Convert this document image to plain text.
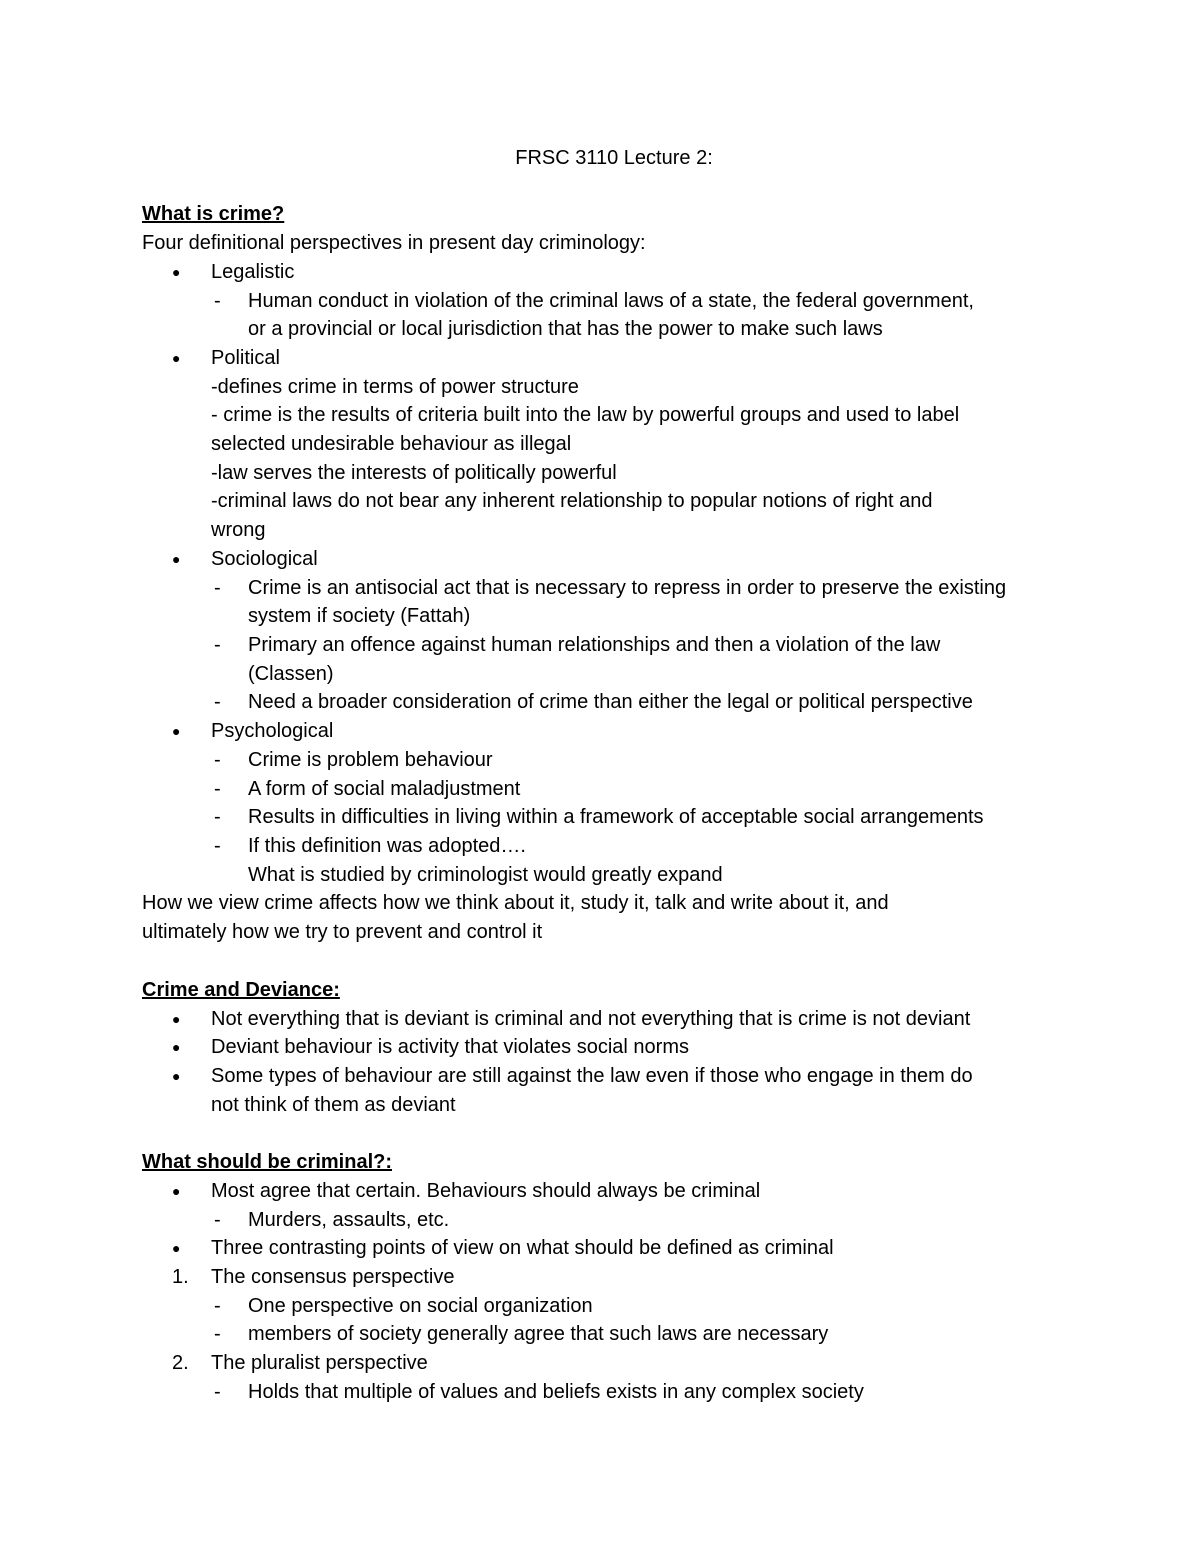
FRSC 3110 Lecture 2:
What is crime?
Four definitional perspectives in present day criminology:
●	Legalistic
-	Human conduct in violation of the criminal laws of a state, the federal government,
or a provincial or local jurisdiction that has the power to make such laws
●	Political
-defines crime in terms of power structure
- crime is the results of criteria built into the law by powerful groups and used to label
selected undesirable behaviour as illegal
-law serves the interests of politically powerful
-criminal laws do not bear any inherent relationship to popular notions of right and
wrong
●	Sociological
-	Crime is an antisocial act that is necessary to repress in order to preserve the existing
system if society (Fattah)
-	Primary an offence against human relationships and then a violation of the law
(Classen)
-	Need a broader consideration of crime than either the legal or political perspective
●	Psychological
-	Crime is problem behaviour
-	A form of social maladjustment
-	Results in difficulties in living within a framework of acceptable social arrangements
-	If this definition was adopted….
What is studied by criminologist would greatly expand
How we view crime affects how we think about it, study it, talk and write about it, and
ultimately how we try to prevent and control it
Crime and Deviance:
●	Not everything that is deviant is criminal and not everything that is crime is not deviant
●	Deviant behaviour is activity that violates social norms
●	Some types of behaviour are still against the law even if those who engage in them do
not think of them as deviant
What should be criminal?:
●	Most agree that certain. Behaviours should always be criminal
-	Murders, assaults, etc.
●	Three contrasting points of view on what should be defined as criminal
1.	The consensus perspective
-	One perspective on social organization
-	members of society generally agree that such laws are necessary
2.	The pluralist perspective
-	Holds that multiple of values and beliefs exists in any complex society
